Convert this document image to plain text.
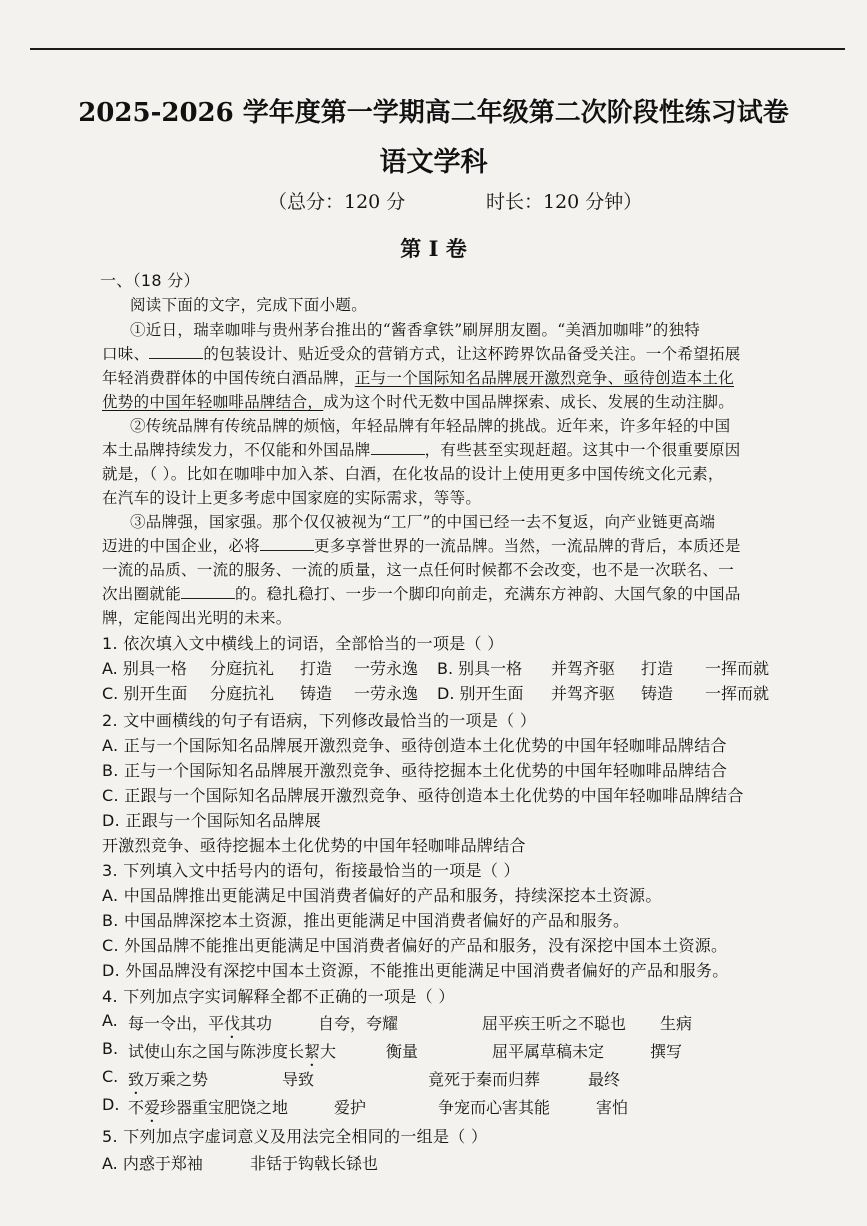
2025-2026 学年度第一学期高二年级第二次阶段性练习试卷
语文学科
（总分：120 分	时长：120 分钟）
第 I 卷
一、（18 分）
阅读下面的文字，完成下面小题。
①近日，瑞幸咖啡与贵州茅台推出的“酱香拿铁”刷屏朋友圈。“美酒加咖啡”的独特
口味、	的包装设计、贴近受众的营销方式，让这杯跨界饮品备受关注。一个希望拓展
年轻消费群体的中国传统白酒品牌，正与一个国际知名品牌展开激烈竞争、亟待创造本土化
优势的中国年轻咖啡品牌结合，成为这个时代无数中国品牌探索、成长、发展的生动注脚。
②传统品牌有传统品牌的烦恼，年轻品牌有年轻品牌的挑战。近年来，许多年轻的中国
本土品牌持续发力，不仅能和外国品牌	，有些甚至实现赶超。这其中一个很重要原因
就是，（ ）。比如在咖啡中加入茶、白酒，在化妆品的设计上使用更多中国传统文化元素，
在汽车的设计上更多考虑中国家庭的实际需求，等等。
③品牌强，国家强。那个仅仅被视为“工厂”的中国已经一去不复返，向产业链更高端
迈进的中国企业，必将	更多享誉世界的一流品牌。当然，一流品牌的背后，本质还是
一流的品质、一流的服务、一流的质量，这一点任何时候都不会改变，也不是一次联名、一
次出圈就能	的。稳扎稳打、一步一个脚印向前走，充满东方神韵、大国气象的中国品
牌，定能闯出光明的未来。
1. 依次填入文中横线上的词语，全部恰当的一项是（ ）
A. 别具一格 分庭抗礼 打造 一劳永逸 B. 别具一格 并驾齐驱 打造 一挥而就
C. 别开生面 分庭抗礼 铸造 一劳永逸 D. 别开生面 并驾齐驱 铸造 一挥而就
2. 文中画横线的句子有语病，下列修改最恰当的一项是（ ）
A. 正与一个国际知名品牌展开激烈竞争、亟待创造本土化优势的中国年轻咖啡品牌结合
B. 正与一个国际知名品牌展开激烈竞争、亟待挖掘本土化优势的中国年轻咖啡品牌结合
C. 正跟与一个国际知名品牌展开激烈竞争、亟待创造本土化优势的中国年轻咖啡品牌结合
D. 正跟与一个国际知名品牌展
开激烈竞争、亟待挖掘本土化优势的中国年轻咖啡品牌结合
3. 下列填入文中括号内的语句，衔接最恰当的一项是（ ）
A. 中国品牌推出更能满足中国消费者偏好的产品和服务，持续深挖本土资源。
B. 中国品牌深挖本土资源，推出更能满足中国消费者偏好的产品和服务。
C. 外国品牌不能推出更能满足中国消费者偏好的产品和服务，没有深挖中国本土资源。
D. 外国品牌没有深挖中国本土资源，不能推出更能满足中国消费者偏好的产品和服务。
4. 下列加点字实词解释全都不正确的一项是（ ）
A. 每一令出，平伐其功	自夸，夸耀	屈平疾王听之不聪也 生病
B. 试使山东之国与陈涉度长絜大	衡量	屈平属草稿未定	撰写
C. 致万乘之势	导致	竟死于秦而归葬	最终
D. 不爱珍器重宝肥饶之地	爱护	争宠而心害其能	害怕
5. 下列加点字虚词意义及用法完全相同的一组是（ ）
A. 内惑于郑袖	非铦于钩戟长铩也
